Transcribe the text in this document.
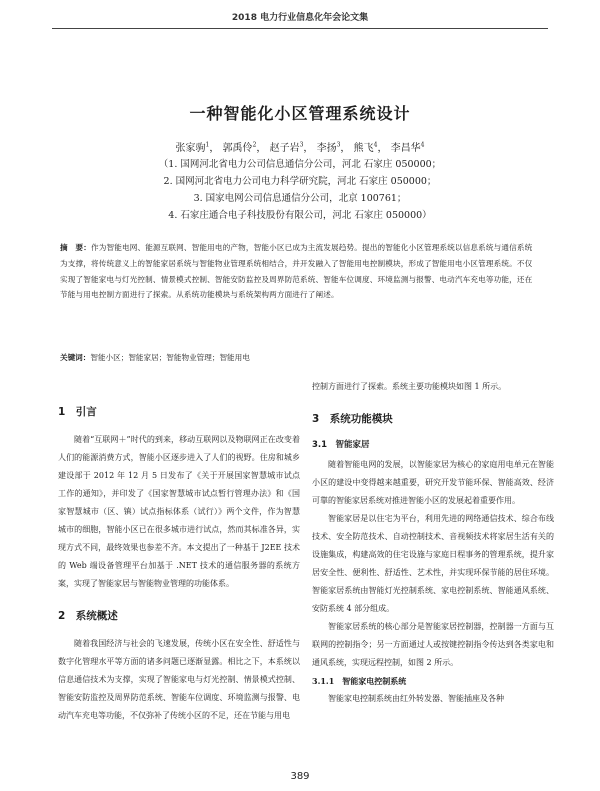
2018 电力行业信息化年会论文集
一种智能化小区管理系统设计
张家驹$^1$， 郭禹伶$^2$， 赵子岩$^3$， 李扬$^3$， 熊飞$^4$， 李昌华$^4$
（1. 国网河北省电力公司信息通信分公司，河北 石家庄 050000；
2. 国网河北省电力公司电力科学研究院，河北 石家庄 050000；
3. 国家电网公司信息通信分公司，北京 100761；
4. 石家庄通合电子科技股份有限公司，河北 石家庄 050000）
摘　要：作为智能电网、能源互联网、智能用电的产物，智能小区已成为主流发展趋势。提出的智能化小区管理系统以信息系统与通信系统为支撑，将传统意义上的智能家居系统与智能物业管理系统相结合，并开发融入了智能用电控制模块，形成了智能用电小区管理系统。不仅实现了智能家电与灯光控制、情景模式控制、智能安防监控及周界防范系统、智能车位调度、环境监测与报警、电动汽车充电等功能，还在节能与用电控制方面进行了探索。从系统功能模块与系统架构两方面进行了阐述。
关键词：智能小区；智能家居；智能物业管理；智能用电
1　引言

随着“互联网＋”时代的到来，移动互联网以及物联网正在改变着人们的能源消费方式，智能小区逐步进入了人们的视野。住房和城乡建设部于 2012 年 12 月 5 日发布了《关于开展国家智慧城市试点工作的通知》，并印发了《国家智慧城市试点暂行管理办法》和《国家智慧城市（区、镇）试点指标体系（试行）》两个文件，作为智慧城市的细胞，智能小区已在很多城市进行试点，然而其标准各异，实现方式不同，最终效果也参差不齐。本文提出了一种基于 J2EE 技术的 Web 端设备管理平台加基于 .NET 技术的通信服务器的系统方案，实现了智能家居与智能物业管理的功能体系。

2　系统概述

随着我国经济与社会的飞速发展，传统小区在安全性、舒适性与数字化管理水平等方面的诸多问题已逐渐显露。相比之下，本系统以信息通信技术为支撑，实现了智能家电与灯光控制、情景模式控制、智能安防监控及周界防范系统、智能车位调度、环境监测与报警、电动汽车充电等功能，不仅弥补了传统小区的不足，还在节能与用电

控制方面进行了探索。系统主要功能模块如图 1 所示。

3　系统功能模块
3.1　智能家居

随着智能电网的发展，以智能家居为核心的家庭用电单元在智能小区的建设中变得越来越重要，研究开发节能环保、智能高效、经济可靠的智能家居系统对推进智能小区的发展起着重要作用。

智能家居是以住宅为平台，利用先进的网络通信技术、综合布线技术、安全防范技术、自动控制技术、音视频技术将家居生活有关的设施集成，构建高效的住宅设施与家庭日程事务的管理系统，提升家居安全性、便利性、舒适性、艺术性，并实现环保节能的居住环境。智能家居系统由智能灯光控制系统、家电控制系统、智能通风系统、安防系统 4 部分组成。

智能家居系统的核心部分是智能家居控制器，控制器一方面与互联网的控制指令；另一方面通过人或按键控制指令传达到各类家电和通风系统，实现远程控制，如图 2 所示。

3.1.1　智能家电控制系统

智能家电控制系统由红外转发器、智能插座及各种

389
